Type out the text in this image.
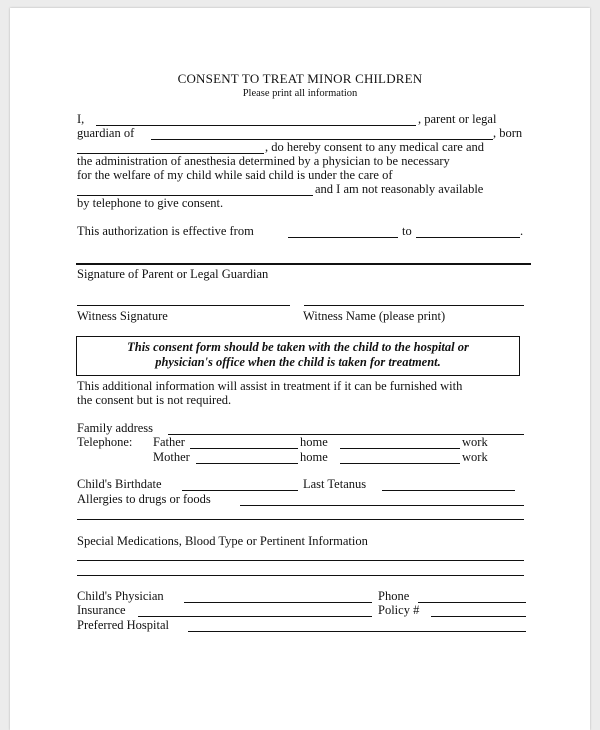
CONSENT TO TREAT MINOR CHILDREN
Please print all information
I,	, parent or legal
guardian of	, born
, do hereby consent to any medical care and
the administration of anesthesia determined by a physician to be necessary
for the welfare of my child while said child is under the care of
and I am not reasonably available
by telephone to give consent.
This authorization is effective from	to	.
Signature of Parent or Legal Guardian
Witness Signature	Witness Name (please print)
This consent form should be taken with the child to the hospital or
physician's office when the child is taken for treatment.
This additional information will assist in treatment if it can be furnished with
the consent but is not required.
Family address
Telephone: Father	home	work
Mother	home	work
Child's Birthdate	Last Tetanus
Allergies to drugs or foods
Special Medications, Blood Type or Pertinent Information
Child's Physician	Phone
Insurance	Policy #
Preferred Hospital
